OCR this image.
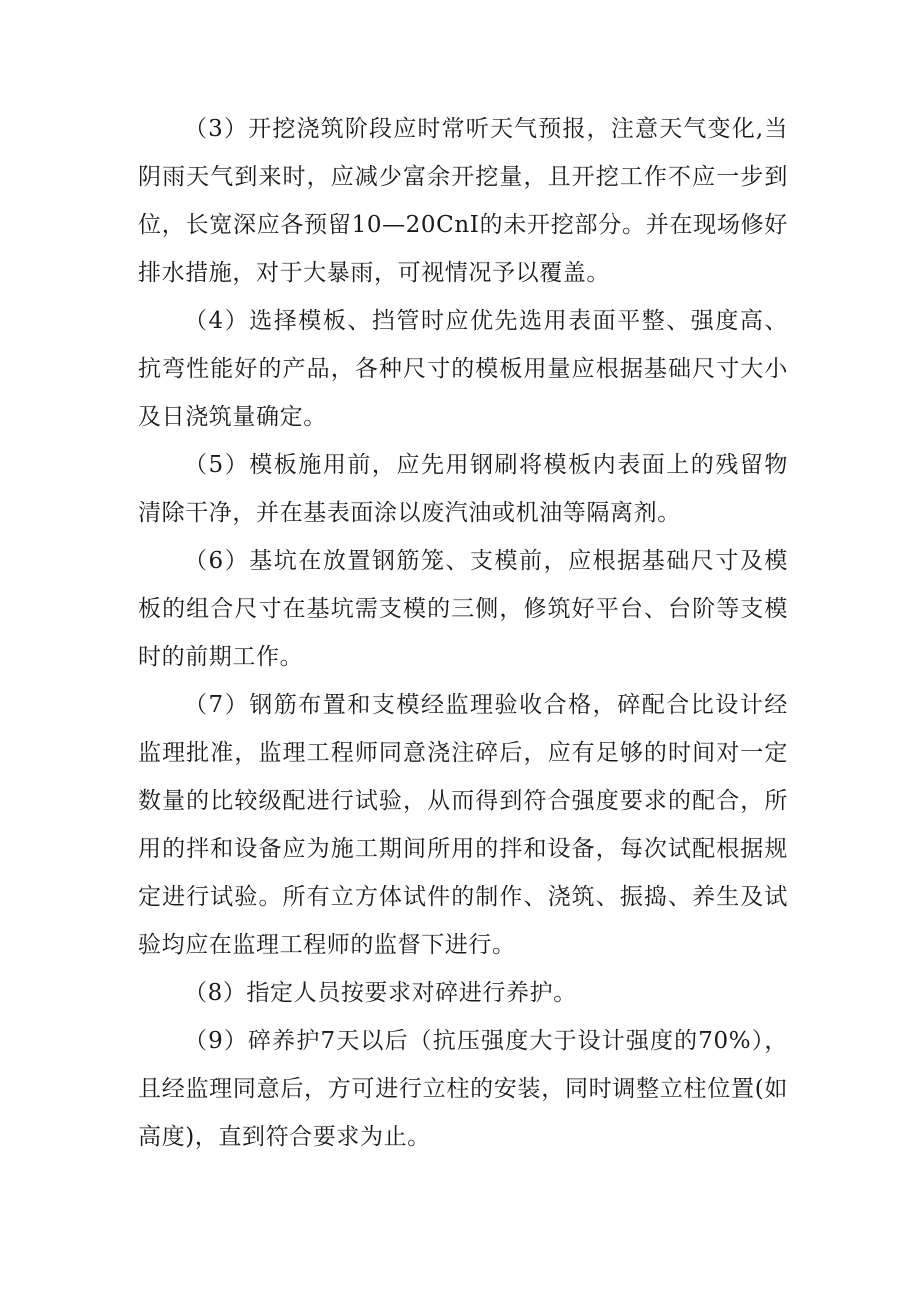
（3）开挖浇筑阶段应时常听天气预报，注意天气变化,当阴雨天气到来时，应减少富余开挖量，且开挖工作不应一步到位，长宽深应各预留10—20CnI的未开挖部分。并在现场修好排水措施，对于大暴雨，可视情况予以覆盖。

（4）选择模板、挡管时应优先选用表面平整、强度高、抗弯性能好的产品，各种尺寸的模板用量应根据基础尺寸大小及日浇筑量确定。

（5）模板施用前，应先用钢刷将模板内表面上的残留物清除干净，并在基表面涂以废汽油或机油等隔离剂。

（6）基坑在放置钢筋笼、支模前，应根据基础尺寸及模板的组合尺寸在基坑需支模的三侧，修筑好平台、台阶等支模时的前期工作。

（7）钢筋布置和支模经监理验收合格，碎配合比设计经监理批准，监理工程师同意浇注碎后，应有足够的时间对一定数量的比较级配进行试验，从而得到符合强度要求的配合，所用的拌和设备应为施工期间所用的拌和设备，每次试配根据规定进行试验。所有立方体试件的制作、浇筑、振捣、养生及试验均应在监理工程师的监督下进行。

（8）指定人员按要求对碎进行养护。

（9）碎养护7天以后（抗压强度大于设计强度的70%），且经监理同意后，方可进行立柱的安装，同时调整立柱位置(如高度)，直到符合要求为止。
